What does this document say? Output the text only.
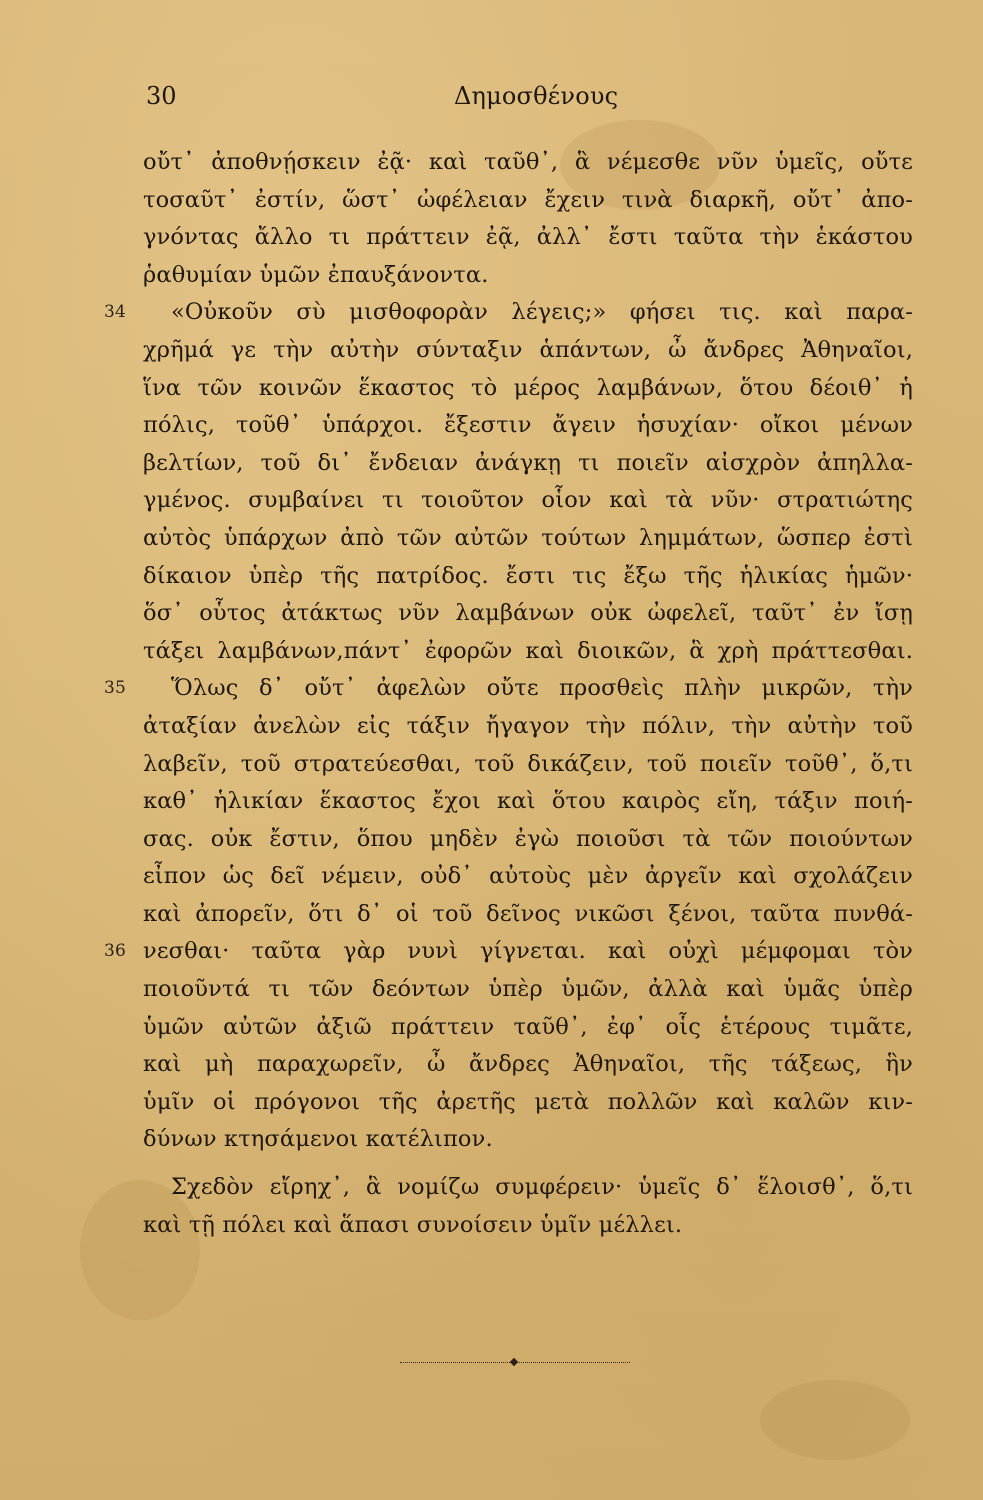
30	Δημοσθένους
οὔτ᾽ ἀποθνῄσκειν ἐᾷ· καὶ ταῦθ᾽, ἃ νέμεσθε νῦν ὑμεῖς, οὔτε
τοσαῦτ᾽ ἐστίν, ὥστ᾽ ὠφέλειαν ἔχειν τινὰ διαρκῆ, οὔτ᾽ ἀπο-
γνόντας ἄλλο τι πράττειν ἐᾷ, ἀλλ᾽ ἔστι ταῦτα τὴν ἑκάστου
ῥαθυμίαν ὑμῶν ἐπαυξάνοντα.
34 «Οὐκοῦν σὺ μισθοφορὰν λέγεις;» φήσει τις. καὶ παρα-
χρῆμά γε τὴν αὐτὴν σύνταξιν ἁπάντων, ὦ ἄνδρες Ἀθηναῖοι,
ἵνα τῶν κοινῶν ἕκαστος τὸ μέρος λαμβάνων, ὅτου δέοιθ᾽ ἡ
πόλις, τοῦθ᾽ ὑπάρχοι. ἔξεστιν ἄγειν ἡσυχίαν· οἴκοι μένων
βελτίων, τοῦ δι᾽ ἔνδειαν ἀνάγκῃ τι ποιεῖν αἰσχρὸν ἀπηλλα-
γμένος. συμβαίνει τι τοιοῦτον οἷον καὶ τὰ νῦν· στρατιώτης
αὐτὸς ὑπάρχων ἀπὸ τῶν αὐτῶν τούτων λημμάτων, ὥσπερ ἐστὶ
δίκαιον ὑπὲρ τῆς πατρίδος. ἔστι τις ἔξω τῆς ἡλικίας ἡμῶν·
ὅσ᾽ οὗτος ἀτάκτως νῦν λαμβάνων οὐκ ὠφελεῖ, ταῦτ᾽ ἐν ἴσῃ
τάξει λαμβάνων,πάντ᾽ ἐφορῶν καὶ διοικῶν, ἃ χρὴ πράττεσθαι.
35 Ὅλως δ᾽ οὔτ᾽ ἀφελὼν οὔτε προσθεὶς πλὴν μικρῶν, τὴν
ἀταξίαν ἀνελὼν εἰς τάξιν ἤγαγον τὴν πόλιν, τὴν αὐτὴν τοῦ
λαβεῖν, τοῦ στρατεύεσθαι, τοῦ δικάζειν, τοῦ ποιεῖν τοῦθ᾽, ὅ,τι
καθ᾽ ἡλικίαν ἕκαστος ἔχοι καὶ ὅτου καιρὸς εἴη, τάξιν ποιή-
σας. οὐκ ἔστιν, ὅπου μηδὲν ἐγὼ ποιοῦσι τὰ τῶν ποιούντων
εἶπον ὡς δεῖ νέμειν, οὐδ᾽ αὐτοὺς μὲν ἀργεῖν καὶ σχολάζειν
καὶ ἀπορεῖν, ὅτι δ᾽ οἱ τοῦ δεῖνος νικῶσι ξένοι, ταῦτα πυνθά-
36 νεσθαι· ταῦτα γὰρ νυνὶ γίγνεται. καὶ οὐχὶ μέμφομαι τὸν
ποιοῦντά τι τῶν δεόντων ὑπὲρ ὑμῶν, ἀλλὰ καὶ ὑμᾶς ὑπὲρ
ὑμῶν αὐτῶν ἀξιῶ πράττειν ταῦθ᾽, ἐφ᾽ οἷς ἑτέρους τιμᾶτε,
καὶ μὴ παραχωρεῖν, ὦ ἄνδρες Ἀθηναῖοι, τῆς τάξεως, ἣν
ὑμῖν οἱ πρόγονοι τῆς ἀρετῆς μετὰ πολλῶν καὶ καλῶν κιν-
δύνων κτησάμενοι κατέλιπον.
Σχεδὸν εἴρηχ᾽, ἃ νομίζω συμφέρειν· ὑμεῖς δ᾽ ἕλοισθ᾽, ὅ,τι
καὶ τῇ πόλει καὶ ἅπασι συνοίσειν ὑμῖν μέλλει.
